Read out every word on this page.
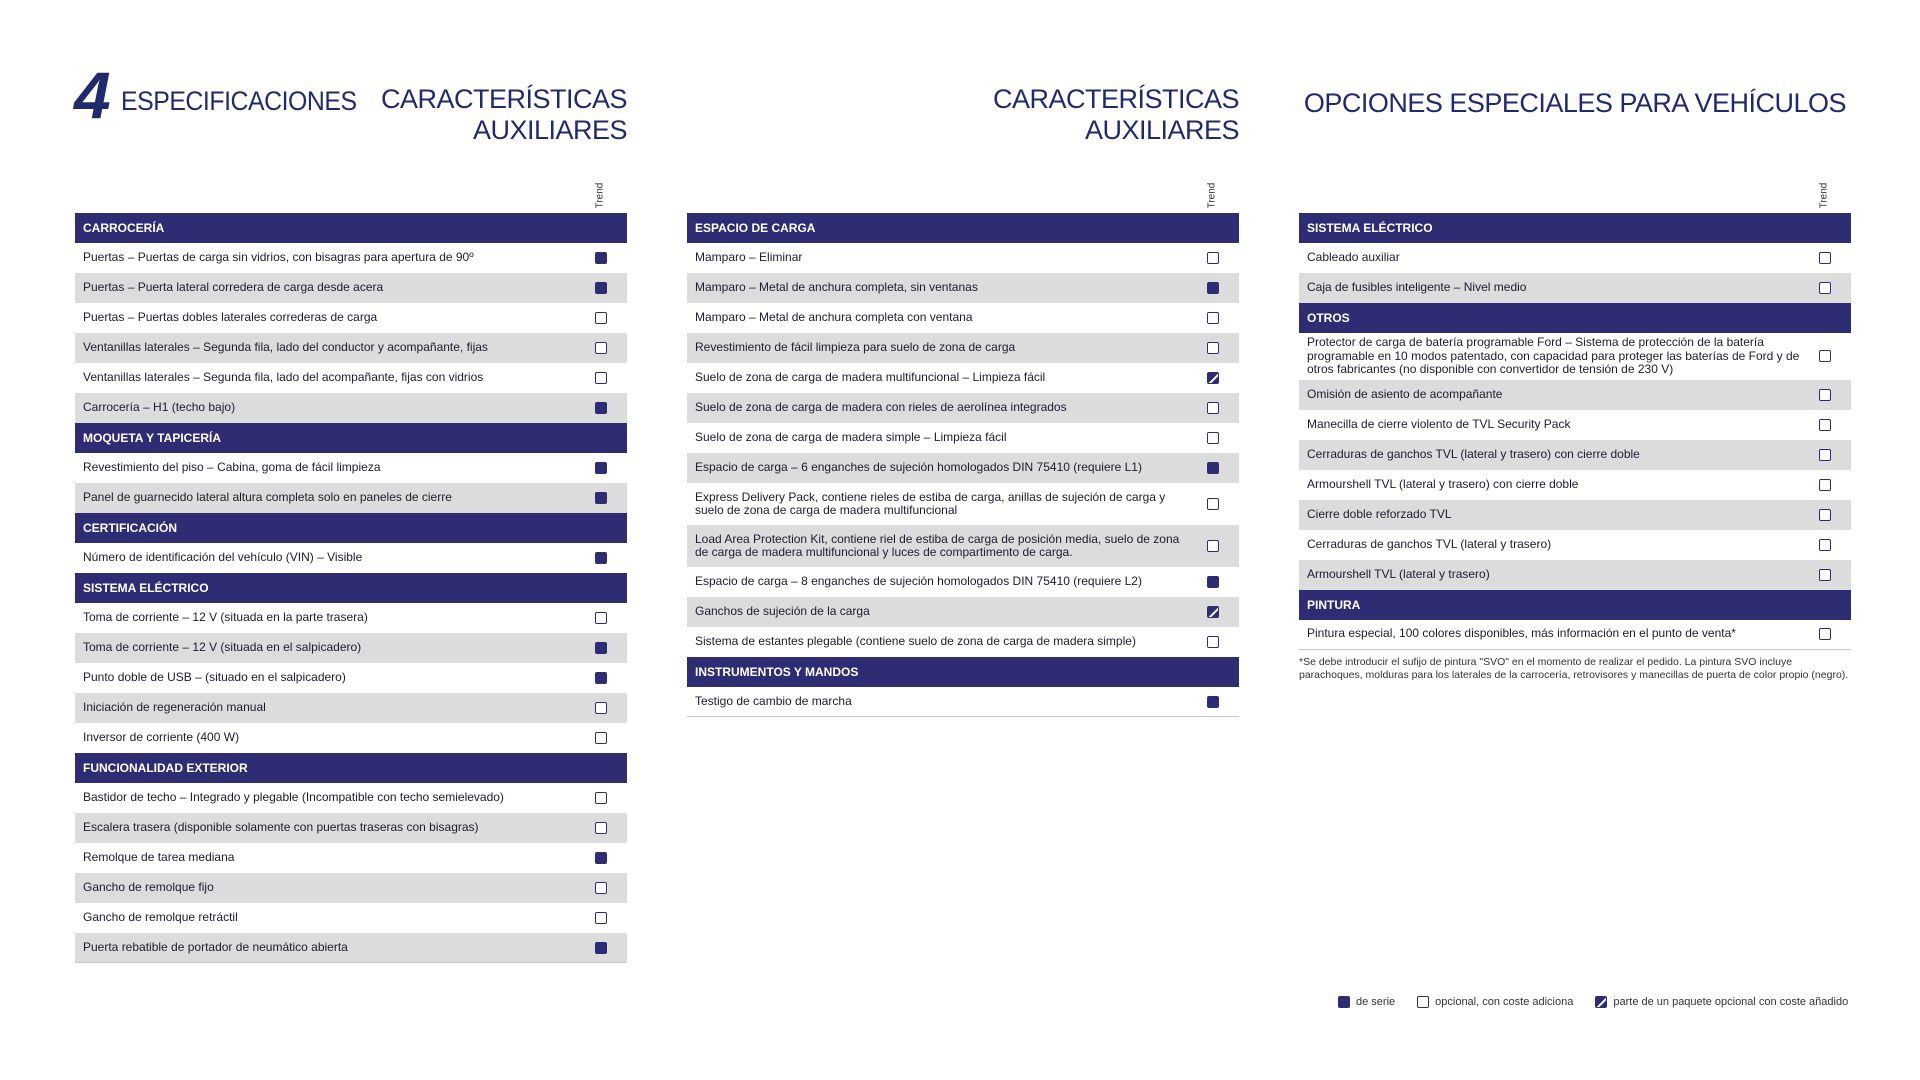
4 ESPECIFICACIONES CARACTERÍSTICAS
AUXILIARES
Trend
CARROCERÍA
Puertas – Puertas de carga sin vidrios, con bisagras para apertura de 90º
Puertas – Puerta lateral corredera de carga desde acera
Puertas – Puertas dobles laterales correderas de carga
Ventanillas laterales – Segunda fila, lado del conductor y acompañante, fijas
Ventanillas laterales – Segunda fila, lado del acompañante, fijas con vidrios
Carrocería – H1 (techo bajo)
MOQUETA Y TAPICERÍA
Revestimiento del piso – Cabina, goma de fácil limpieza
Panel de guarnecido lateral altura completa solo en paneles de cierre
CERTIFICACIÓN
Número de identificación del vehículo (VIN) – Visible
SISTEMA ELÉCTRICO
Toma de corriente – 12 V (situada en la parte trasera)
Toma de corriente – 12 V (situada en el salpicadero)
Punto doble de USB – (situado en el salpicadero)
Iniciación de regeneración manual
Inversor de corriente (400 W)
FUNCIONALIDAD EXTERIOR
Bastidor de techo – Integrado y plegable (Incompatible con techo semielevado)
Escalera trasera (disponible solamente con puertas traseras con bisagras)
Remolque de tarea mediana
Gancho de remolque fijo
Gancho de remolque retráctil
Puerta rebatible de portador de neumático abierta
CARACTERÍSTICAS
AUXILIARES
Trend
ESPACIO DE CARGA
Mamparo – Eliminar
Mamparo – Metal de anchura completa, sin ventanas
Mamparo – Metal de anchura completa con ventana
Revestimiento de fácil limpieza para suelo de zona de carga
Suelo de zona de carga de madera multifuncional – Limpieza fácil
Suelo de zona de carga de madera con rieles de aerolínea integrados
Suelo de zona de carga de madera simple – Limpieza fácil
Espacio de carga – 6 enganches de sujeción homologados DIN 75410 (requiere L1)
Express Delivery Pack, contiene rieles de estiba de carga, anillas de sujeción de carga y suelo de zona de carga de madera multifuncional
Load Area Protection Kit, contiene riel de estiba de carga de posición media, suelo de zona de carga de madera multifuncional y luces de compartimento de carga.
Espacio de carga – 8 enganches de sujeción homologados DIN 75410 (requiere L2)
Ganchos de sujeción de la carga
Sistema de estantes plegable (contiene suelo de zona de carga de madera simple)
INSTRUMENTOS Y MANDOS
Testigo de cambio de marcha
OPCIONES ESPECIALES PARA VEHÍCULOS
Trend
SISTEMA ELÉCTRICO
Cableado auxiliar
Caja de fusibles inteligente – Nivel medio
OTROS
Protector de carga de batería programable Ford – Sistema de protección de la batería programable en 10 modos patentado, con capacidad para proteger las baterías de Ford y de otros fabricantes (no disponible con convertidor de tensión de 230 V)
Omisión de asiento de acompañante
Manecilla de cierre violento de TVL Security Pack
Cerraduras de ganchos TVL (lateral y trasero) con cierre doble
Armourshell TVL (lateral y trasero) con cierre doble
Cierre doble reforzado TVL
Cerraduras de ganchos TVL (lateral y trasero)
Armourshell TVL (lateral y trasero)
PINTURA
Pintura especial, 100 colores disponibles, más información en el punto de venta*
*Se debe introducir el sufijo de pintura "SVO" en el momento de realizar el pedido. La pintura SVO incluye parachoques, molduras para los laterales de la carrocería, retrovisores y manecillas de puerta de color propio (negro).
de serie	opcional, con coste adiciona	parte de un paquete opcional con coste añadido
